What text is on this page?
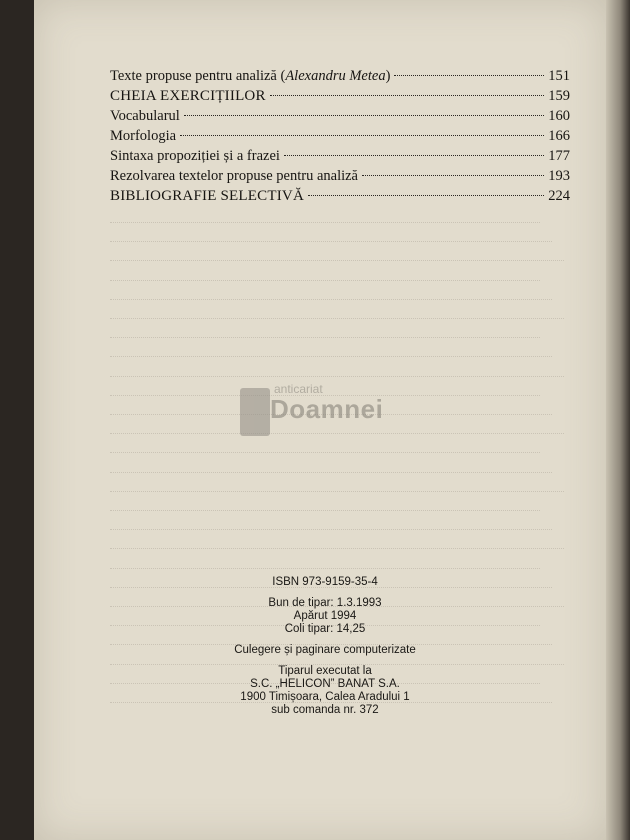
Texte propuse pentru analiză (Alexandru Metea)	151
CHEIA EXERCIȚIILOR	159
Vocabularul	160
Morfologia	166
Sintaxa propoziției și a frazei	177
Rezolvarea textelor propuse pentru analiză	193
BIBLIOGRAFIE SELECTIVĂ	224
anticariat
Doamnei
ISBN 973-9159-35-4
Bun de tipar: 1.3.1993
Apărut 1994
Coli tipar: 14,25
Culegere și paginare computerizate
Tiparul executat la
S.C. „HELICON” BANAT S.A.
1900 Timișoara, Calea Aradului 1
sub comanda nr. 372
